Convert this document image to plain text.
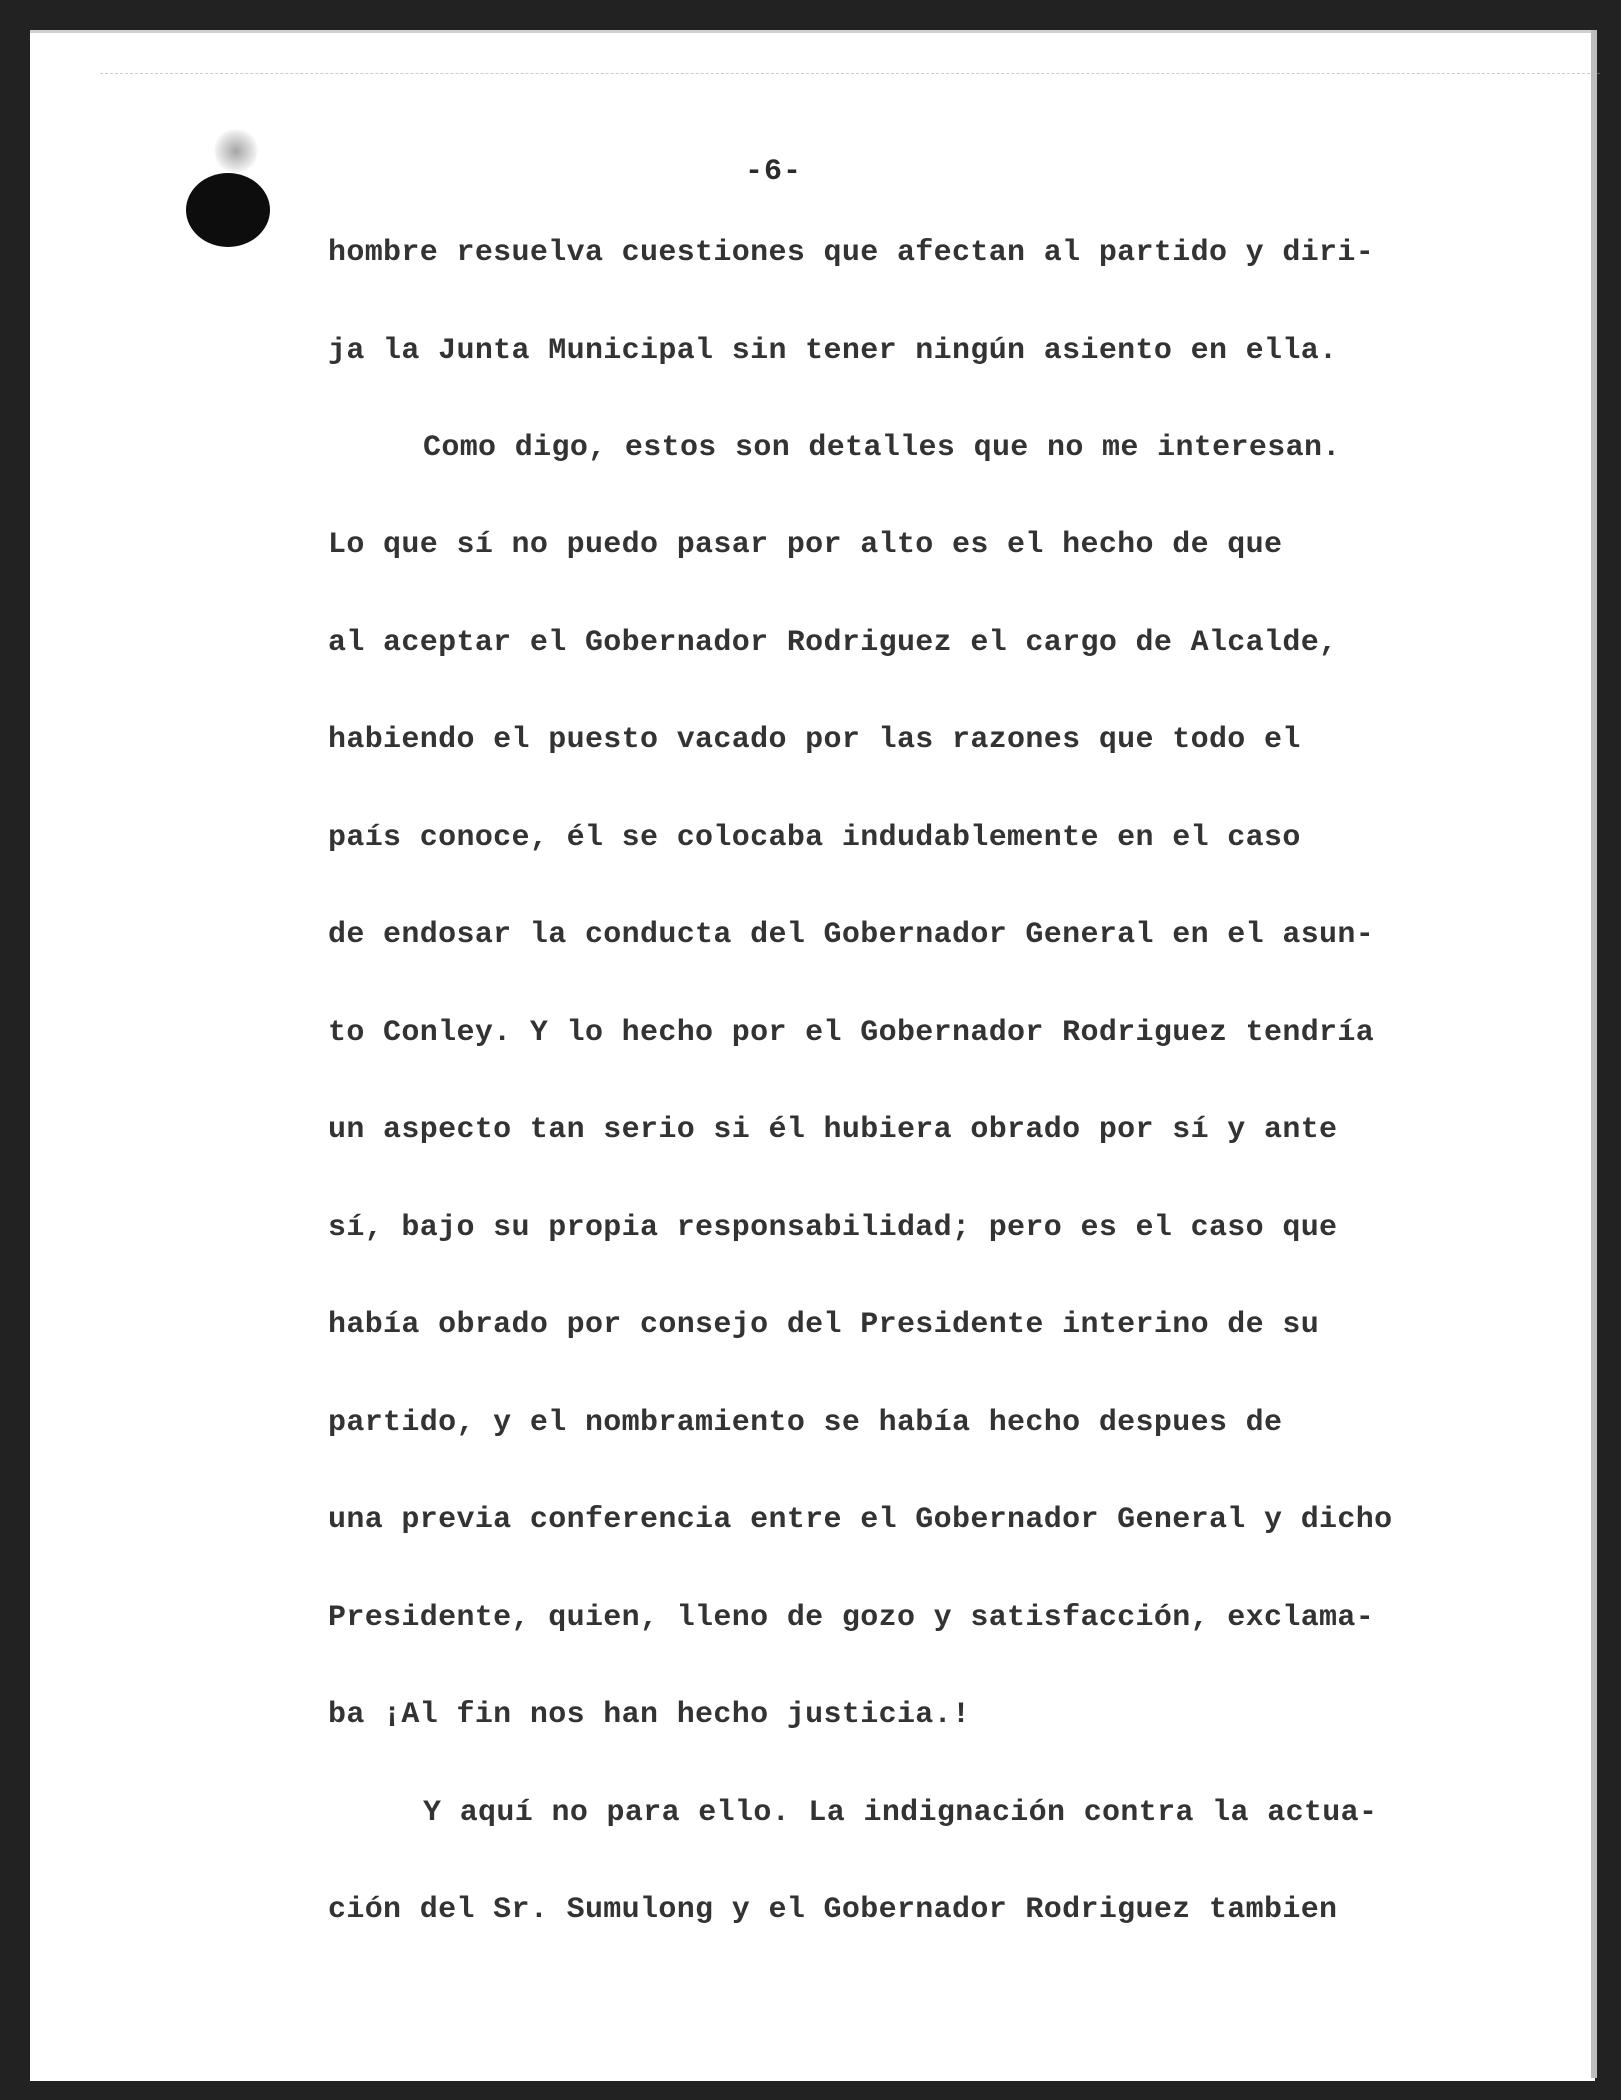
-6-
hombre resuelva cuestiones que afectan al partido y diri-
ja la Junta Municipal sin tener ningún asiento en ella.
Como digo, estos son detalles que no me interesan.
Lo que sí no puedo pasar por alto es el hecho de que
al aceptar el Gobernador Rodriguez el cargo de Alcalde,
habiendo el puesto vacado por las razones que todo el
país conoce, él se colocaba indudablemente en el caso
de endosar la conducta del Gobernador General en el asun-
to Conley. Y lo hecho por el Gobernador Rodriguez tendría
un aspecto tan serio si él hubiera obrado por sí y ante
sí, bajo su propia responsabilidad; pero es el caso que
había obrado por consejo del Presidente interino de su
partido, y el nombramiento se había hecho despues de
una previa conferencia entre el Gobernador General y dicho
Presidente, quien, lleno de gozo y satisfacción, exclama-
ba ¡Al fin nos han hecho justicia.!
Y aquí no para ello. La indignación contra la actua-
ción del Sr. Sumulong y el Gobernador Rodriguez tambien
